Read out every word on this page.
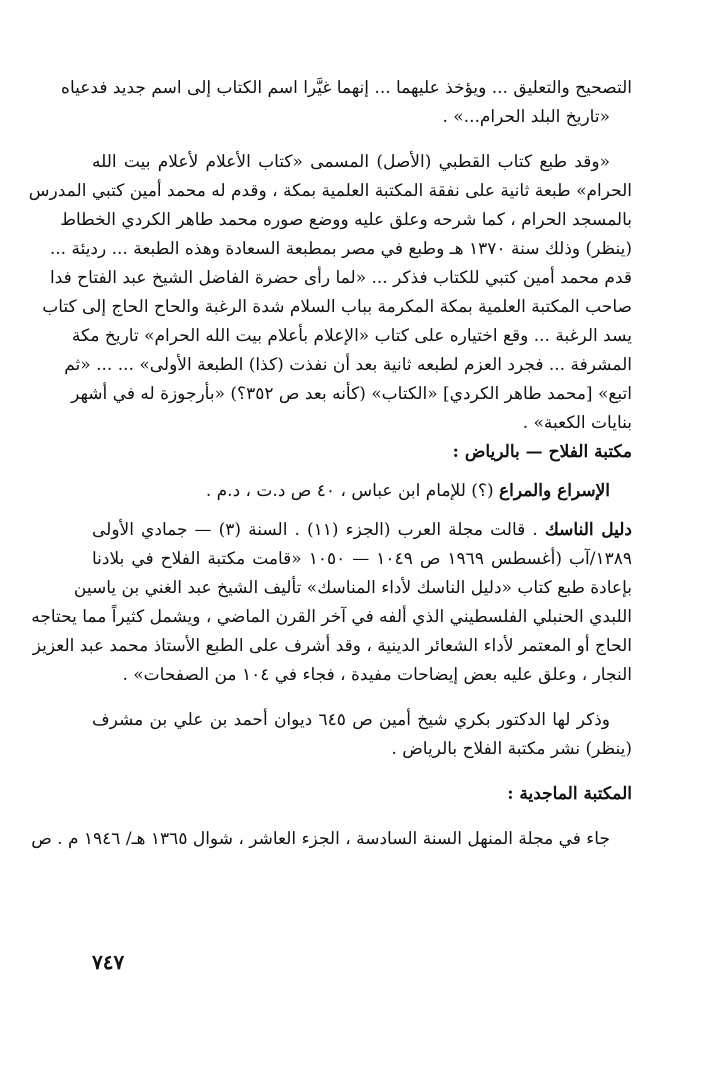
التصحيح والتعليق ... ويؤخذ عليهما ... إنهما غيَّرا اسم الكتاب إلى اسم جديد فدعياه
«تاريخ البلد الحرام...» .
«وقد طبع كتاب القطبي (الأصل) المسمى «كتاب الأعلام لأعلام بيت الله
الحرام» طبعة ثانية على نفقة المكتبة العلمية بمكة ، وقدم له محمد أمين كتبي المدرس
بالمسجد الحرام ، كما شرحه وعلق عليه ووضع صوره محمد طاهر الكردي الخطاط
(ينظر) وذلك سنة ١٣٧٠ هـ وطبع في مصر بمطبعة السعادة وهذه الطبعة ... رديئة ...
قدم محمد أمين كتبي للكتاب فذكر ... «لما رأى حضرة الفاضل الشيخ عبد الفتاح فدا
صاحب المكتبة العلمية بمكة المكرمة بباب السلام شدة الرغبة والحاح الحاج إلى كتاب
يسد الرغبة ... وقع اختياره على كتاب «الإعلام بأعلام بيت الله الحرام» تاريخ مكة
المشرفة ... فجرد العزم لطبعه ثانية بعد أن نفذت (كذا) الطبعة الأولى» ... ... «ثم
اتبع» [محمد طاهر الكردي] «الكتاب» (كأنه بعد ص ٣٥٢؟) «بأرجوزة له في أشهر
بنايات الكعبة» .
مكتبة الفلاح — بالرياض :
الإسراع والمراع (؟) للإمام ابن عباس ، ٤٠ ص د.ت ، د.م .
دليل الناسك . قالت مجلة العرب (الجزء (١١) . السنة (٣) — جمادي الأولى
١٣٨٩/آب (أغسطس ١٩٦٩ ص ١٠٤٩ — ١٠٥٠ «قامت مكتبة الفلاح في بلادنا
بإعادة طبع كتاب «دليل الناسك لأداء المناسك» تأليف الشيخ عبد الغني بن ياسين
اللبدي الحنبلي الفلسطيني الذي ألفه في آخر القرن الماضي ، ويشمل كثيراً مما يحتاجه
الحاج أو المعتمر لأداء الشعائر الدينية ، وقد أشرف على الطبع الأستاذ محمد عبد العزيز
النجار ، وعلق عليه بعض إيضاحات مفيدة ، فجاء في ١٠٤ من الصفحات» .
وذكر لها الدكتور بكري شيخ أمين ص ٦٤٥ ديوان أحمد بن علي بن مشرف
(ينظر) نشر مكتبة الفلاح بالرياض .
المكتبة الماجدية :
جاء في مجلة المنهل السنة السادسة ، الجزء العاشر ، شوال ١٣٦٥ هـ/ ١٩٤٦ م . ص
٧٤٧
